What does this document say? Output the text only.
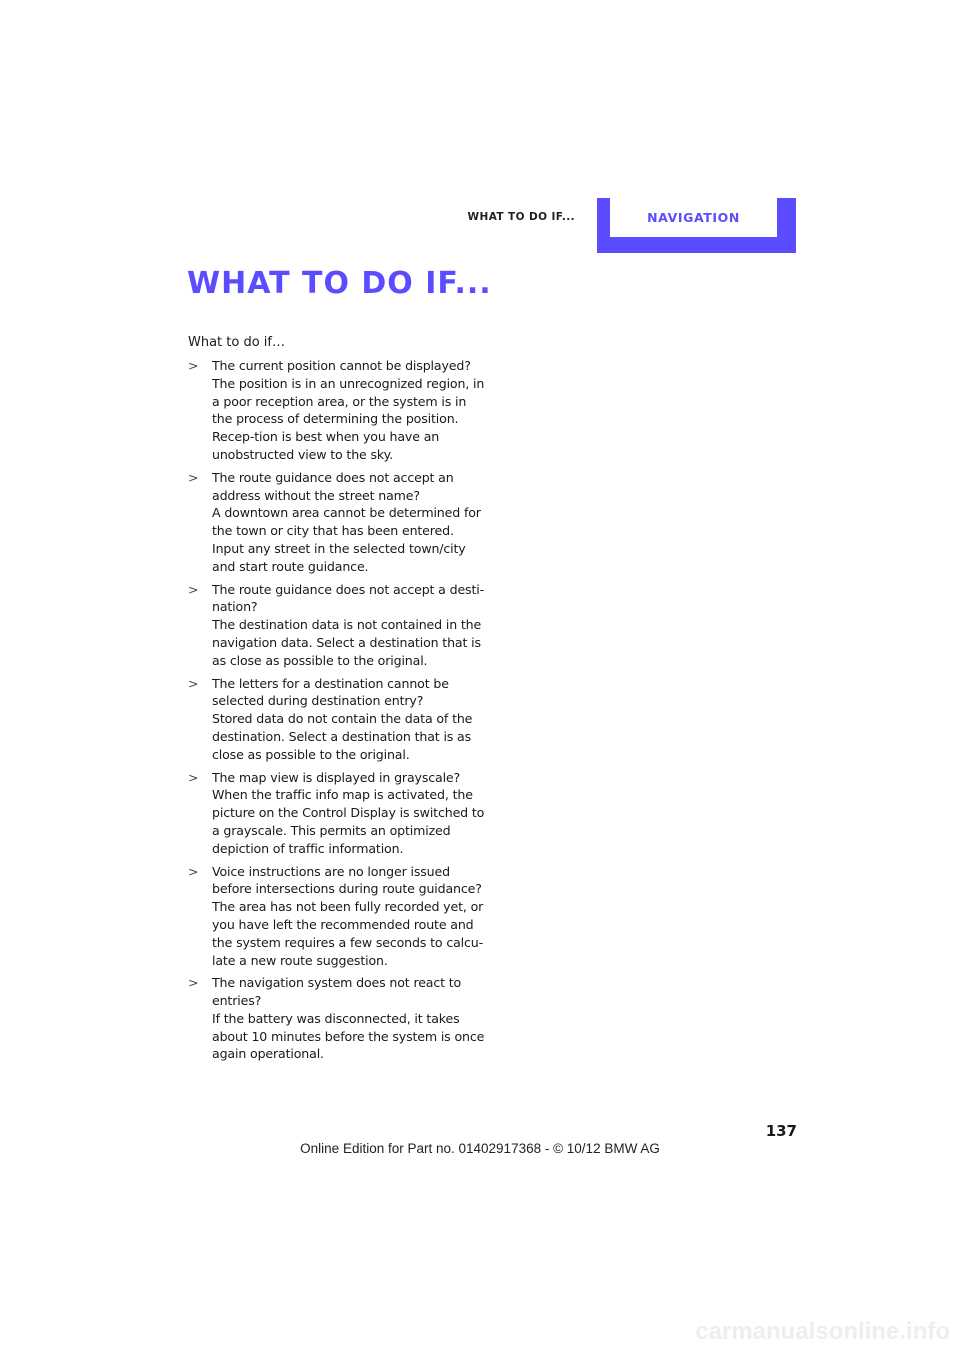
WHAT TO DO IF...	NAVIGATION
WHAT TO DO IF...
What to do if…
> The current position cannot be displayed?
The position is in an unrecognized region, in a poor reception area, or the system is in the process of determining the position. Recep-tion is best when you have an unobstructed view to the sky.
> The route guidance does not accept an address without the street name?
A downtown area cannot be determined for the town or city that has been entered. Input any street in the selected town/city and start route guidance.
> The route guidance does not accept a desti-nation?
The destination data is not contained in the navigation data. Select a destination that is as close as possible to the original.
> The letters for a destination cannot be selected during destination entry?
Stored data do not contain the data of the destination. Select a destination that is as close as possible to the original.
> The map view is displayed in grayscale?
When the traffic info map is activated, the picture on the Control Display is switched to a grayscale. This permits an optimized depiction of traffic information.
> Voice instructions are no longer issued before intersections during route guidance?
The area has not been fully recorded yet, or you have left the recommended route and the system requires a few seconds to calcu-late a new route suggestion.
> The navigation system does not react to entries?
If the battery was disconnected, it takes about 10 minutes before the system is once again operational.
137
Online Edition for Part no. 01402917368 - © 10/12 BMW AG
carmanualsonline.info
